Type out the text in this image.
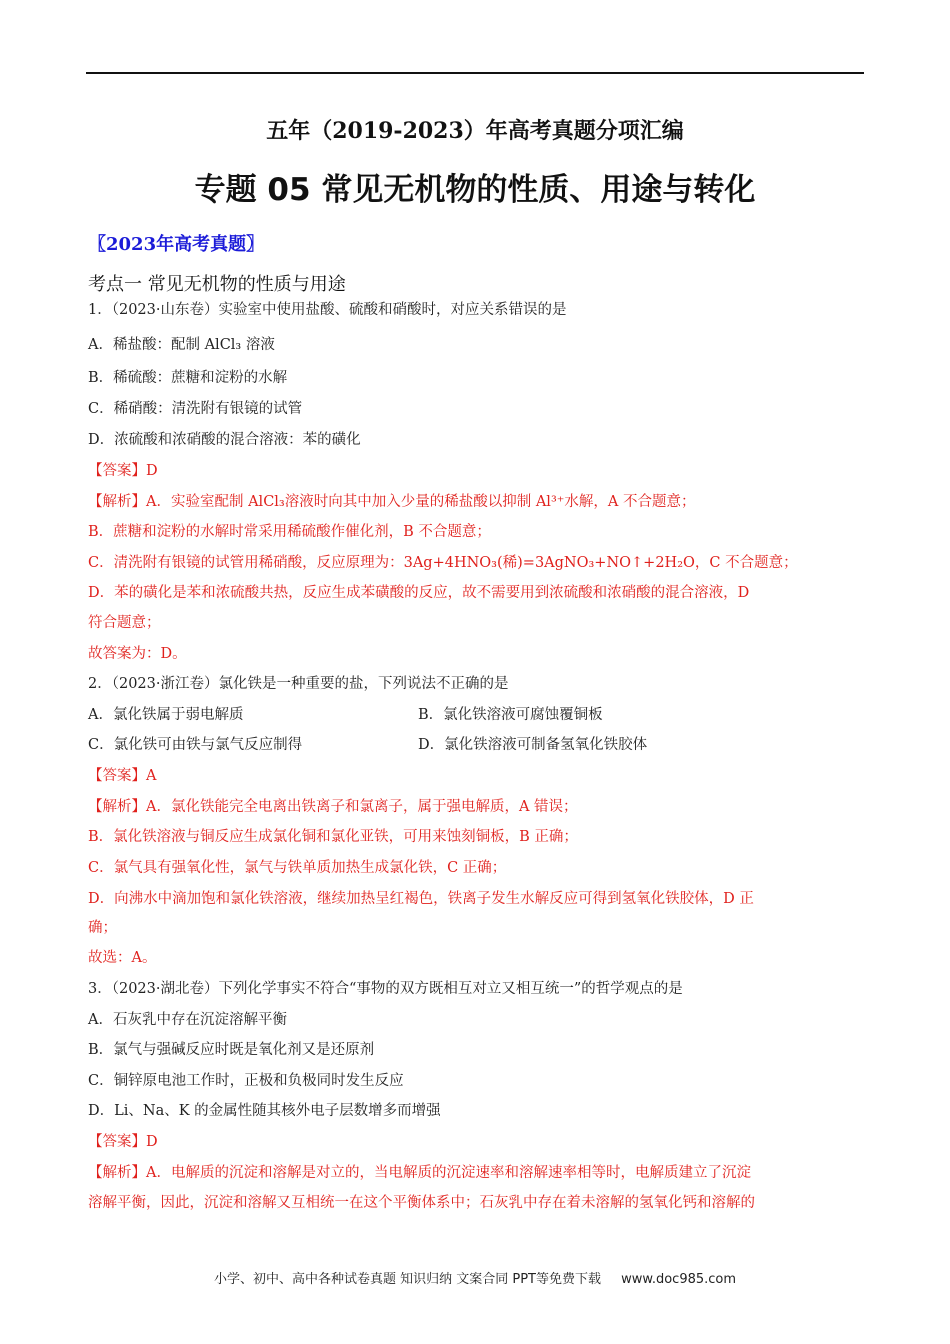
五年（2019-2023）年高考真题分项汇编
专题 05 常见无机物的性质、用途与转化
〖2023年高考真题〗
考点一 常见无机物的性质与用途
1．（2023·山东卷）实验室中使用盐酸、硫酸和硝酸时，对应关系错误的是
A．稀盐酸：配制 AlCl₃ 溶液
B．稀硫酸：蔗糖和淀粉的水解
C．稀硝酸：清洗附有银镜的试管
D．浓硫酸和浓硝酸的混合溶液：苯的磺化
【答案】D
【解析】A．实验室配制 AlCl₃溶液时向其中加入少量的稀盐酸以抑制 Al³⁺水解，A 不合题意；
B．蔗糖和淀粉的水解时常采用稀硫酸作催化剂，B 不合题意；
C．清洗附有银镜的试管用稀硝酸，反应原理为：3Ag+4HNO₃(稀)=3AgNO₃+NO↑+2H₂O，C 不合题意；
D．苯的磺化是苯和浓硫酸共热，反应生成苯磺酸的反应，故不需要用到浓硫酸和浓硝酸的混合溶液，D
符合题意；
故答案为：D。
2．（2023·浙江卷）氯化铁是一种重要的盐，下列说法不正确的是
A．氯化铁属于弱电解质	B．氯化铁溶液可腐蚀覆铜板
C．氯化铁可由铁与氯气反应制得	D．氯化铁溶液可制备氢氧化铁胶体
【答案】A
【解析】A．氯化铁能完全电离出铁离子和氯离子，属于强电解质，A 错误；
B．氯化铁溶液与铜反应生成氯化铜和氯化亚铁，可用来蚀刻铜板，B 正确；
C．氯气具有强氧化性，氯气与铁单质加热生成氯化铁，C 正确；
D．向沸水中滴加饱和氯化铁溶液，继续加热呈红褐色，铁离子发生水解反应可得到氢氧化铁胶体，D 正
确；
故选：A。
3．（2023·湖北卷）下列化学事实不符合“事物的双方既相互对立又相互统一”的哲学观点的是
A．石灰乳中存在沉淀溶解平衡
B．氯气与强碱反应时既是氧化剂又是还原剂
C．铜锌原电池工作时，正极和负极同时发生反应
D．Li、Na、K 的金属性随其核外电子层数增多而增强
【答案】D
【解析】A．电解质的沉淀和溶解是对立的，当电解质的沉淀速率和溶解速率相等时，电解质建立了沉淀
溶解平衡，因此，沉淀和溶解又互相统一在这个平衡体系中；石灰乳中存在着未溶解的氢氧化钙和溶解的
小学、初中、高中各种试卷真题 知识归纳 文案合同 PPT等免费下载 www.doc985.com
